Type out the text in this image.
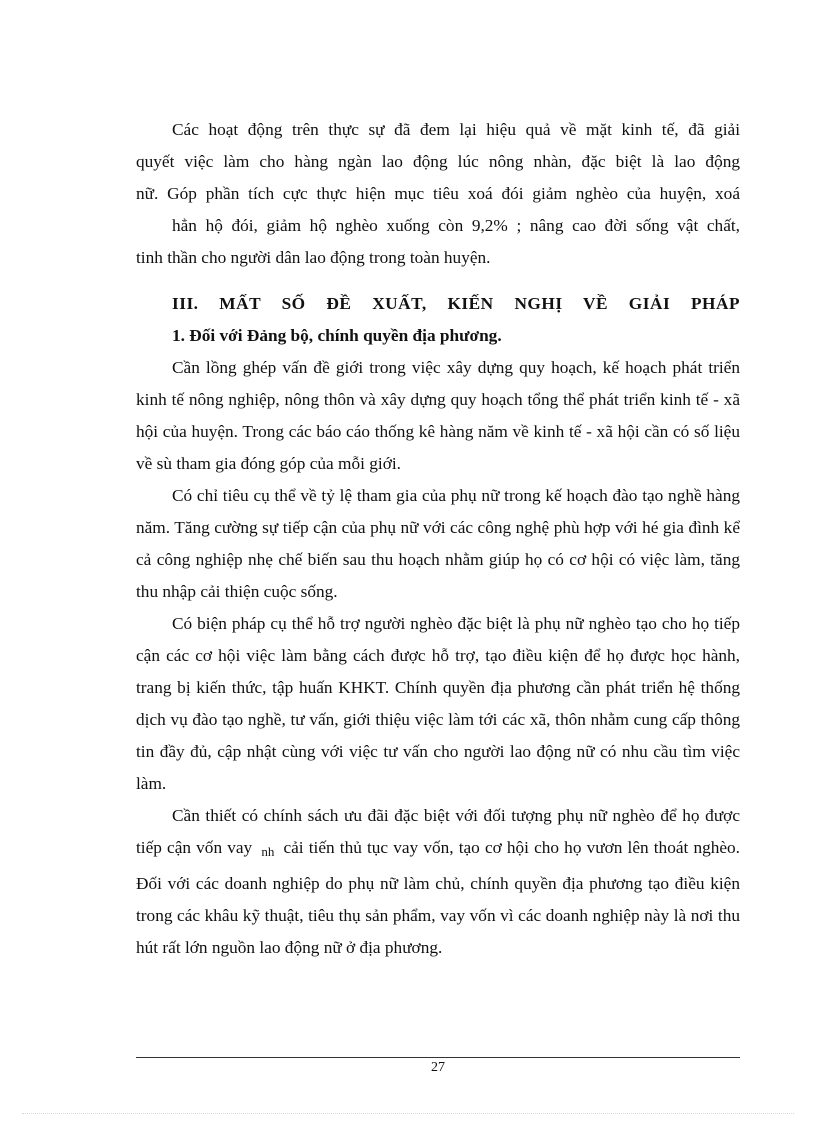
Các hoạt động trên thực sự đã đem lại hiệu quả về mặt kinh tế, đã giải
quyết việc làm cho hàng ngàn lao động lúc nông nhàn, đặc biệt là lao động
nữ. Góp phần tích cực thực hiện mục tiêu xoá đói giảm nghèo của huyện, xoá
hẳn hộ đói, giảm hộ nghèo xuống còn 9,2% ; nâng cao đời sống vật chất,
tinh thần cho người dân lao động trong toàn huyện.

III. MẤT SỐ ĐỀ XUẤT, KIẾN NGHỊ VỀ GIẢI PHÁP

1. Đối với Đảng bộ, chính quyền địa phương.

Cần lồng ghép vấn đề giới trong việc xây dựng quy hoạch, kế hoạch phát triển kinh tế nông nghiệp, nông thôn và xây dựng quy hoạch tổng thể phát triển kinh tế - xã hội của huyện. Trong các báo cáo thống kê hàng năm về kinh tế - xã hội cần có số liệu về sù tham gia đóng góp của mỗi giới.

Có chỉ tiêu cụ thể về tỷ lệ tham gia của phụ nữ trong kế hoạch đào tạo nghề hàng năm. Tăng cường sự tiếp cận của phụ nữ với các công nghệ phù hợp với hé gia đình kể cả công nghiệp nhẹ chế biến sau thu hoạch nhằm giúp họ có cơ hội có việc làm, tăng thu nhập cải thiện cuộc sống.

Có biện pháp cụ thể hỗ trợ người nghèo đặc biệt là phụ nữ nghèo tạo cho họ tiếp cận các cơ hội việc làm bằng cách được hỗ trợ, tạo điều kiện để họ được học hành, trang bị kiến thức, tập huấn KHKT. Chính quyền địa phương cần phát triển hệ thống dịch vụ đào tạo nghề, tư vấn, giới thiệu việc làm tới các xã, thôn nhằm cung cấp thông tin đầy đủ, cập nhật cùng với việc tư vấn cho người lao động nữ có nhu cầu tìm việc làm.

Cần thiết có chính sách ưu đãi đặc biệt với đối tượng phụ nữ nghèo để họ được tiếp cận vốn vay nh cải tiến thủ tục vay vốn, tạo cơ hội cho họ vươn lên thoát nghèo. Đối với các doanh nghiệp do phụ nữ làm chủ, chính quyền địa phương tạo điều kiện trong các khâu kỹ thuật, tiêu thụ sản phẩm, vay vốn vì các doanh nghiệp này là nơi thu hút rất lớn nguồn lao động nữ ở địa phương.

27
